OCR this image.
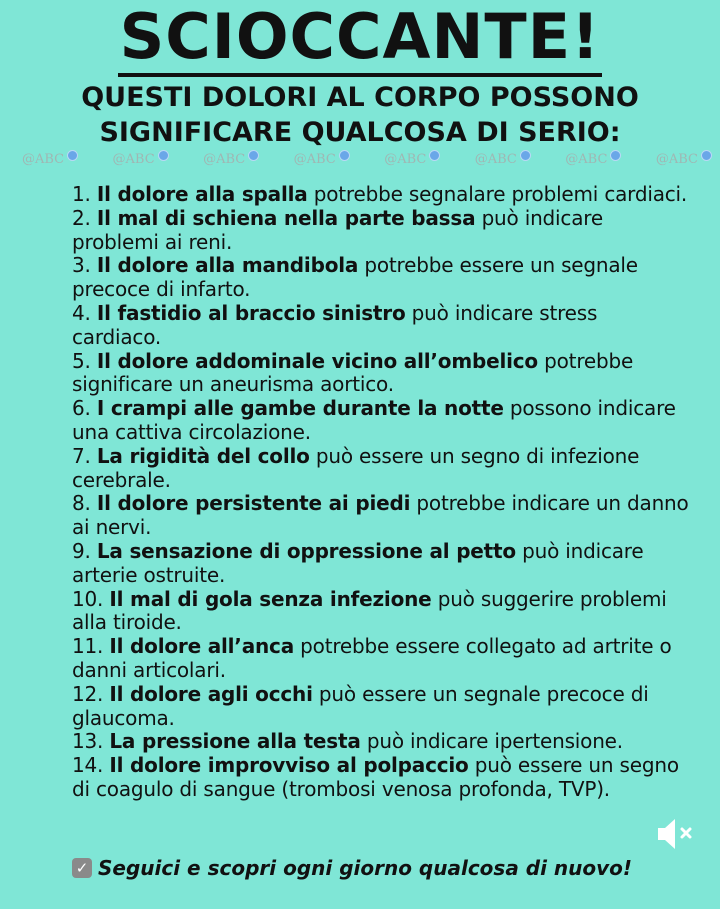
SCIOCCANTE!
QUESTI DOLORI AL CORPO POSSONO
SIGNIFICARE QUALCOSA DI SERIO:
@ABC	@ABC	@ABC	@ABC	@ABC	@ABC	@ABC	@ABC
1. Il dolore alla spalla potrebbe segnalare problemi cardiaci.
2. Il mal di schiena nella parte bassa può indicare problemi ai reni.
3. Il dolore alla mandibola potrebbe essere un segnale precoce di infarto.
4. Il fastidio al braccio sinistro può indicare stress cardiaco.
5. Il dolore addominale vicino all’ombelico potrebbe significare un aneurisma aortico.
6. I crampi alle gambe durante la notte possono indicare una cattiva circolazione.
7. La rigidità del collo può essere un segno di infezione cerebrale.
8. Il dolore persistente ai piedi potrebbe indicare un danno ai nervi.
9. La sensazione di oppressione al petto può indicare arterie ostruite.
10. Il mal di gola senza infezione può suggerire problemi alla tiroide.
11. Il dolore all’anca potrebbe essere collegato ad artrite o danni articolari.
12. Il dolore agli occhi può essere un segnale precoce di glaucoma.
13. La pressione alla testa può indicare ipertensione.
14. Il dolore improvviso al polpaccio può essere un segno di coagulo di sangue (trombosi venosa profonda, TVP).
✓ Seguici e scopri ogni giorno qualcosa di nuovo!
